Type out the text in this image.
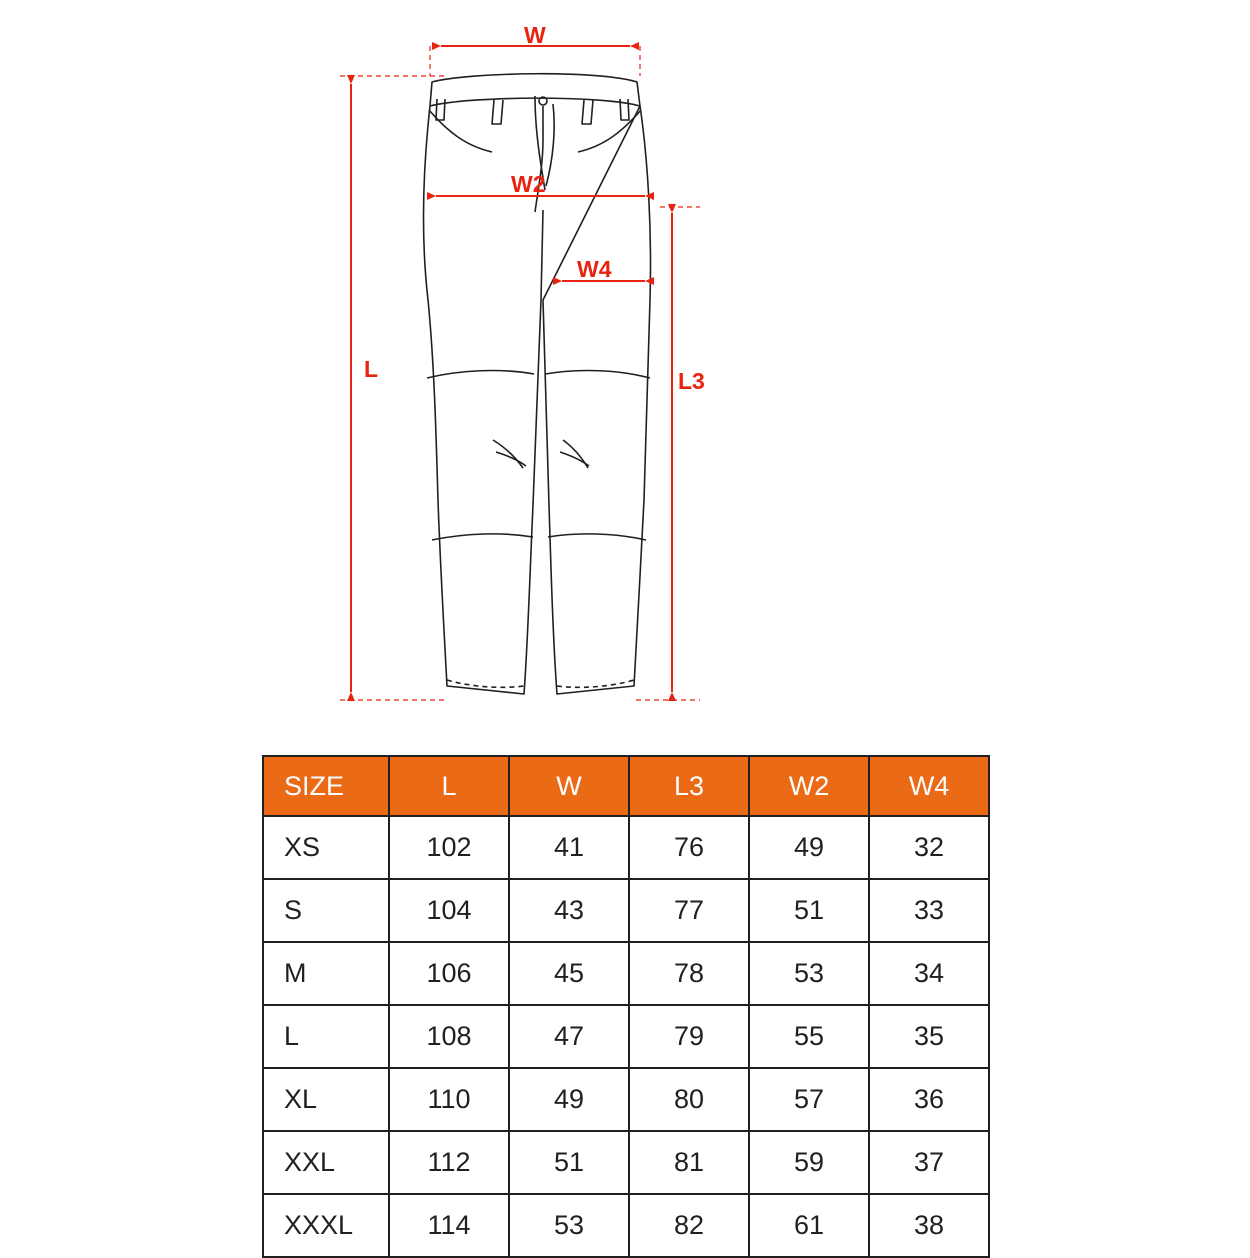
W
W2
W4
L	L3
SIZE	L	W	L3	W2	W4
XS	102	41	76	49	32
S	104	43	77	51	33
M	106	45	78	53	34
L	108	47	79	55	35
XL	110	49	80	57	36
XXL	112	51	81	59	37
XXXL	114	53	82	61	38
